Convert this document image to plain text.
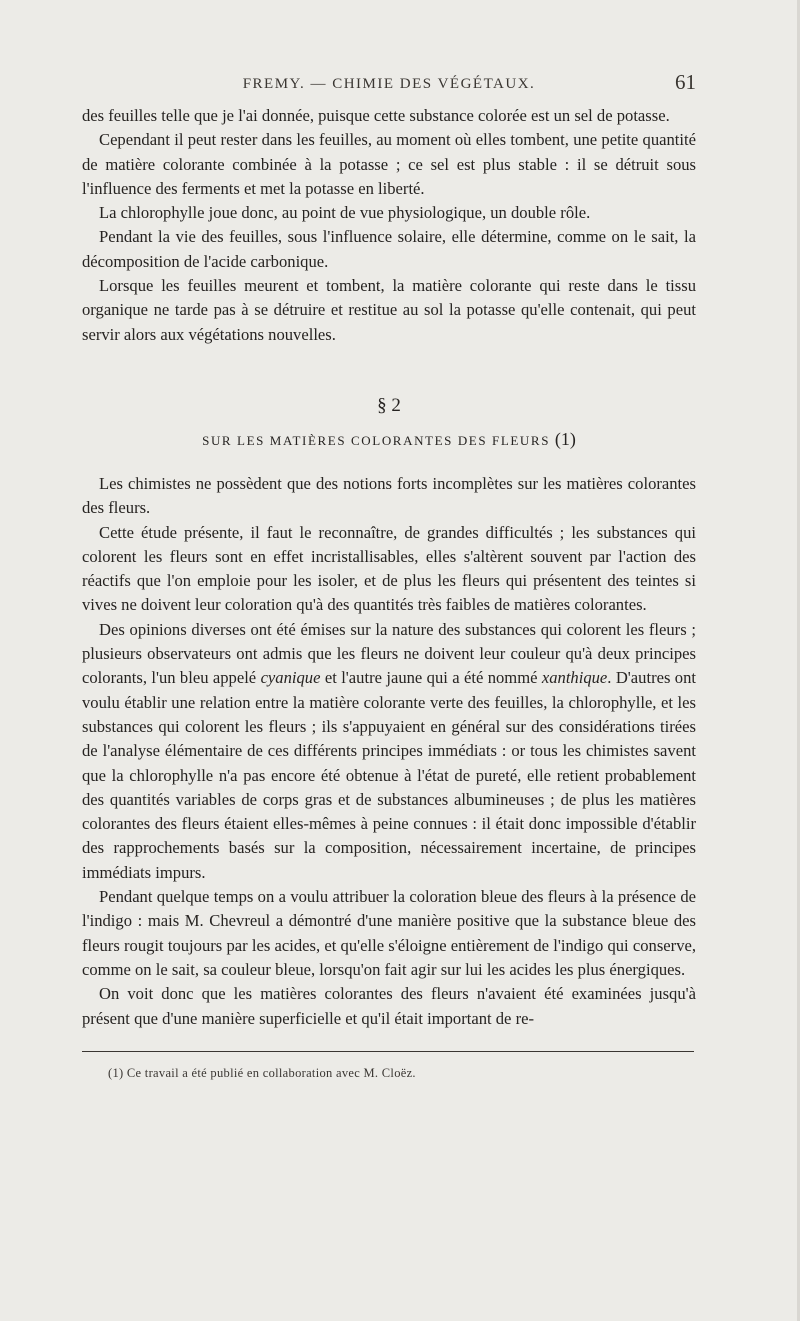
FREMY. — CHIMIE DES VÉGÉTAUX.	61

des feuilles telle que je l'ai donnée, puisque cette substance colorée est un sel de potasse.

Cependant il peut rester dans les feuilles, au moment où elles tombent, une petite quantité de matière colorante combinée à la potasse ; ce sel est plus stable : il se détruit sous l'influence des ferments et met la potasse en liberté.

La chlorophylle joue donc, au point de vue physiologique, un double rôle.

Pendant la vie des feuilles, sous l'influence solaire, elle détermine, comme on le sait, la décomposition de l'acide carbonique.

Lorsque les feuilles meurent et tombent, la matière colorante qui reste dans le tissu organique ne tarde pas à se détruire et restitue au sol la potasse qu'elle contenait, qui peut servir alors aux végétations nouvelles.

§ 2
SUR LES MATIÈRES COLORANTES DES FLEURS (1)

Les chimistes ne possèdent que des notions forts incomplètes sur les matières colorantes des fleurs.

Cette étude présente, il faut le reconnaître, de grandes difficultés ; les substances qui colorent les fleurs sont en effet incristallisables, elles s'altèrent souvent par l'action des réactifs que l'on emploie pour les isoler, et de plus les fleurs qui présentent des teintes si vives ne doivent leur coloration qu'à des quantités très faibles de matières colorantes.

Des opinions diverses ont été émises sur la nature des substances qui colorent les fleurs ; plusieurs observateurs ont admis que les fleurs ne doivent leur couleur qu'à deux principes colorants, l'un bleu appelé cyanique et l'autre jaune qui a été nommé xanthique. D'autres ont voulu établir une relation entre la matière colorante verte des feuilles, la chlorophylle, et les substances qui colorent les fleurs ; ils s'appuyaient en général sur des considérations tirées de l'analyse élémentaire de ces différents principes immédiats : or tous les chimistes savent que la chlorophylle n'a pas encore été obtenue à l'état de pureté, elle retient probablement des quantités variables de corps gras et de substances albumineuses ; de plus les matières colorantes des fleurs étaient elles-mêmes à peine connues : il était donc impossible d'établir des rapprochements basés sur la composition, nécessairement incertaine, de principes immédiats impurs.

Pendant quelque temps on a voulu attribuer la coloration bleue des fleurs à la présence de l'indigo : mais M. Chevreul a démontré d'une manière positive que la substance bleue des fleurs rougit toujours par les acides, et qu'elle s'éloigne entièrement de l'indigo qui conserve, comme on le sait, sa couleur bleue, lorsqu'on fait agir sur lui les acides les plus énergiques.

On voit donc que les matières colorantes des fleurs n'avaient été examinées jusqu'à présent que d'une manière superficielle et qu'il était important de re-

(1) Ce travail a été publié en collaboration avec M. Cloëz.
